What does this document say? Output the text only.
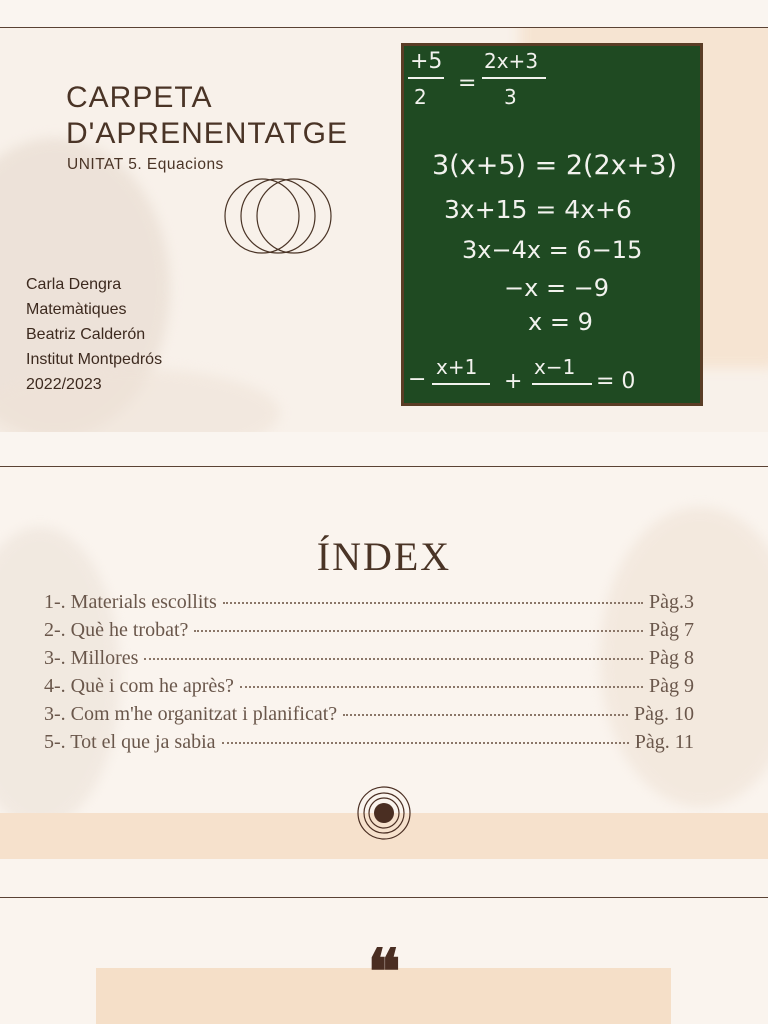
CARPETA
D'APRENENTATGE
UNITAT 5. Equacions
Carla Dengra
Matemàtiques
Beatriz Calderón
Institut Montpedrós
2022/2023
+5
2
=
2x+3
3
3(x+5) = 2(2x+3)
3x+15 = 4x+6
3x−4x = 6−15
−x = −9
x = 9
− x+1
+
x−1
= 0
ÍNDEX
1-. Materials escollits	Pàg.3
2-. Què he trobat?	Pàg 7
3-. Millores	Pàg 8
4-. Què i com he après?	Pàg 9
3-. Com m'he organitzat i planificat?	Pàg. 10
5-. Tot el que ja sabia	Pàg. 11
❝
